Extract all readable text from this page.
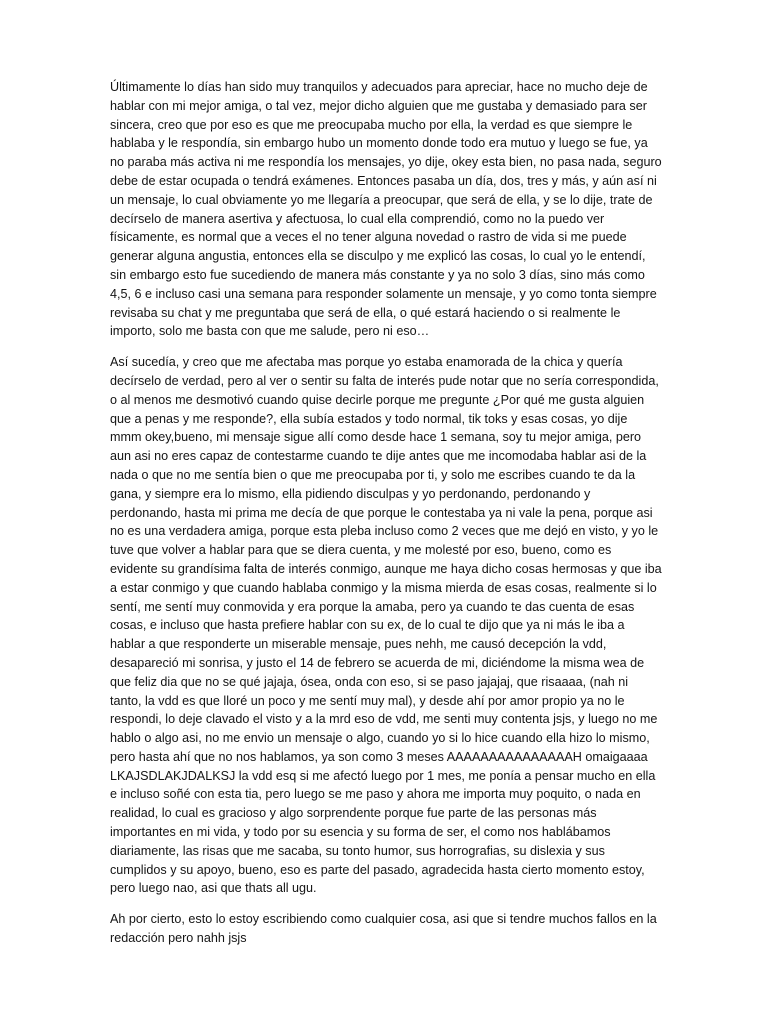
Últimamente lo días han sido muy tranquilos y adecuados para apreciar, hace no mucho deje de hablar con mi mejor amiga, o tal vez, mejor dicho alguien que me gustaba y demasiado para ser sincera, creo que por eso es que me preocupaba mucho por ella, la verdad es que siempre le hablaba y le respondía, sin embargo hubo un momento donde todo era mutuo y luego se fue, ya no paraba más activa ni me respondía los mensajes, yo dije, okey esta bien, no pasa nada, seguro debe de estar ocupada o tendrá exámenes. Entonces pasaba un día, dos, tres y más, y aún así ni un mensaje, lo cual obviamente yo me llegaría a preocupar, que será de ella, y se lo dije, trate de decírselo de manera asertiva y afectuosa, lo cual ella comprendió, como no la puedo ver físicamente, es normal que a veces el no tener alguna novedad o rastro de vida si me puede generar alguna angustia, entonces ella se disculpo y me explicó las cosas, lo cual yo le entendí, sin embargo esto fue sucediendo de manera más constante y ya no solo 3 días, sino más como 4,5, 6 e incluso casi una semana para responder solamente un mensaje, y yo como tonta siempre revisaba su chat y me preguntaba que será de ella, o qué estará haciendo o si realmente le importo, solo me basta con que me salude, pero ni eso…

Así sucedía, y creo que me afectaba mas porque yo estaba enamorada de la chica y quería decírselo de verdad, pero al ver o sentir su falta de interés pude notar que no sería correspondida, o al menos me desmotivó cuando quise decirle porque me pregunte ¿Por qué me gusta alguien que a penas y me responde?, ella subía estados y todo normal, tik toks y esas cosas, yo dije mmm okey,bueno, mi mensaje sigue allí como desde hace 1 semana, soy tu mejor amiga, pero aun asi no eres capaz de contestarme cuando te dije antes que me incomodaba hablar asi de la nada o que no me sentía bien o que me preocupaba por ti, y solo me escribes cuando te da la gana, y siempre era lo mismo, ella pidiendo disculpas y yo perdonando, perdonando y perdonando, hasta mi prima me decía de que porque le contestaba ya ni vale la pena, porque asi no es una verdadera amiga, porque esta pleba incluso como 2 veces que me dejó en visto, y yo le tuve que volver a hablar para que se diera cuenta, y me molesté por eso, bueno, como es evidente su grandísima falta de interés conmigo, aunque me haya dicho cosas hermosas y que iba a estar conmigo y que cuando hablaba conmigo y la misma mierda de esas cosas, realmente si lo sentí, me sentí muy conmovida y era porque la amaba, pero ya cuando te das cuenta de esas cosas, e incluso que hasta prefiere hablar con su ex, de lo cual te dijo que ya ni más le iba a hablar a que responderte un miserable mensaje, pues nehh, me causó decepción la vdd, desapareció mi sonrisa, y justo el 14 de febrero se acuerda de mi, diciéndome la misma wea de que feliz dia que no se qué jajaja, ósea, onda con eso, si se paso jajajaj, que risaaaa, (nah ni tanto, la vdd es que lloré un poco y me sentí muy mal), y desde ahí por amor propio ya no le respondi, lo deje clavado el visto y a la mrd eso de vdd, me senti muy contenta jsjs, y luego no me hablo o algo asi, no me envio un mensaje o algo, cuando yo si lo hice cuando ella hizo lo mismo, pero hasta ahí que no nos hablamos, ya son como 3 meses AAAAAAAAAAAAAAAH omaigaaaa LKAJSDLAKJDALKSJ la vdd esq si me afectó luego por 1 mes, me ponía a pensar mucho en ella e incluso soñé con esta tia, pero luego se me paso y ahora me importa muy poquito, o nada en realidad, lo cual es gracioso y algo sorprendente porque fue parte de las personas más importantes en mi vida, y todo por su esencia y su forma de ser, el como nos hablábamos diariamente, las risas que me sacaba, su tonto humor, sus horrografias, su dislexia y sus cumplidos y su apoyo, bueno, eso es parte del pasado, agradecida hasta cierto momento estoy, pero luego nao, asi que thats all ugu.

Ah por cierto, esto lo estoy escribiendo como cualquier cosa, asi que si tendre muchos fallos en la redacción pero nahh jsjs
